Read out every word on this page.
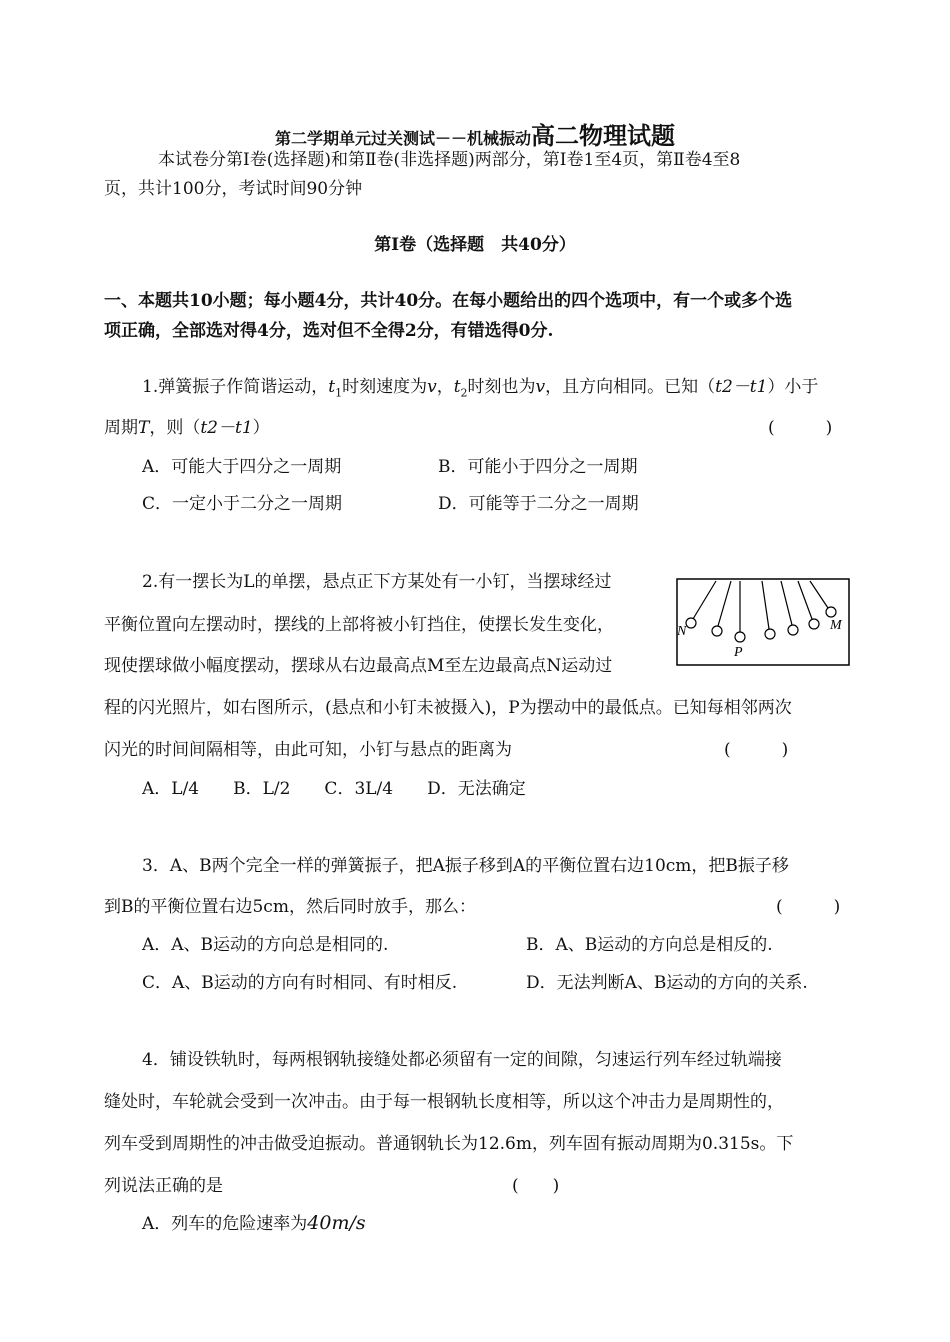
第二学期单元过关测试－－机械振动高二物理试题
本试卷分第Ⅰ卷(选择题)和第Ⅱ卷(非选择题)两部分，第Ⅰ卷1至4页，第Ⅱ卷4至8
页，共计100分，考试时间90分钟
第Ⅰ卷（选择题　共40分）
一、本题共10小题；每小题4分，共计40分。在每小题给出的四个选项中，有一个或多个选
项正确，全部选对得4分，选对但不全得2分，有错选得0分.
1.弹簧振子作简谐运动，$t_1$时刻速度为v，$t_2$时刻也为v，且方向相同。已知（t2－t1）小于
周期T，则（t2－t1）	(　　　)
A．可能大于四分之一周期	B．可能小于四分之一周期
C．一定小于二分之一周期	D．可能等于二分之一周期
2.有一摆长为L的单摆，悬点正下方某处有一小钉，当摆球经过
平衡位置向左摆动时，摆线的上部将被小钉挡住，使摆长发生变化，
现使摆球做小幅度摆动，摆球从右边最高点M至左边最高点N运动过
程的闪光照片，如右图所示，(悬点和小钉未被摄入)，P为摆动中的最低点。已知每相邻两次
闪光的时间间隔相等，由此可知，小钉与悬点的距离为	(　　　)
A．L/4　　B．L/2　　C．3L/4　　D．无法确定
N	M
P
3．A、B两个完全一样的弹簧振子，把A振子移到A的平衡位置右边10cm，把B振子移
到B的平衡位置右边5cm，然后同时放手，那么：	(　　　)
A．A、B运动的方向总是相同的.	B．A、B运动的方向总是相反的.
C．A、B运动的方向有时相同、有时相反.	D．无法判断A、B运动的方向的关系.
4．铺设铁轨时，每两根钢轨接缝处都必须留有一定的间隙，匀速运行列车经过轨端接
缝处时，车轮就会受到一次冲击。由于每一根钢轨长度相等，所以这个冲击力是周期性的，
列车受到周期性的冲击做受迫振动。普通钢轨长为12.6m，列车固有振动周期为0.315s。下
列说法正确的是	(　　)
A．列车的危险速率为40m/s
